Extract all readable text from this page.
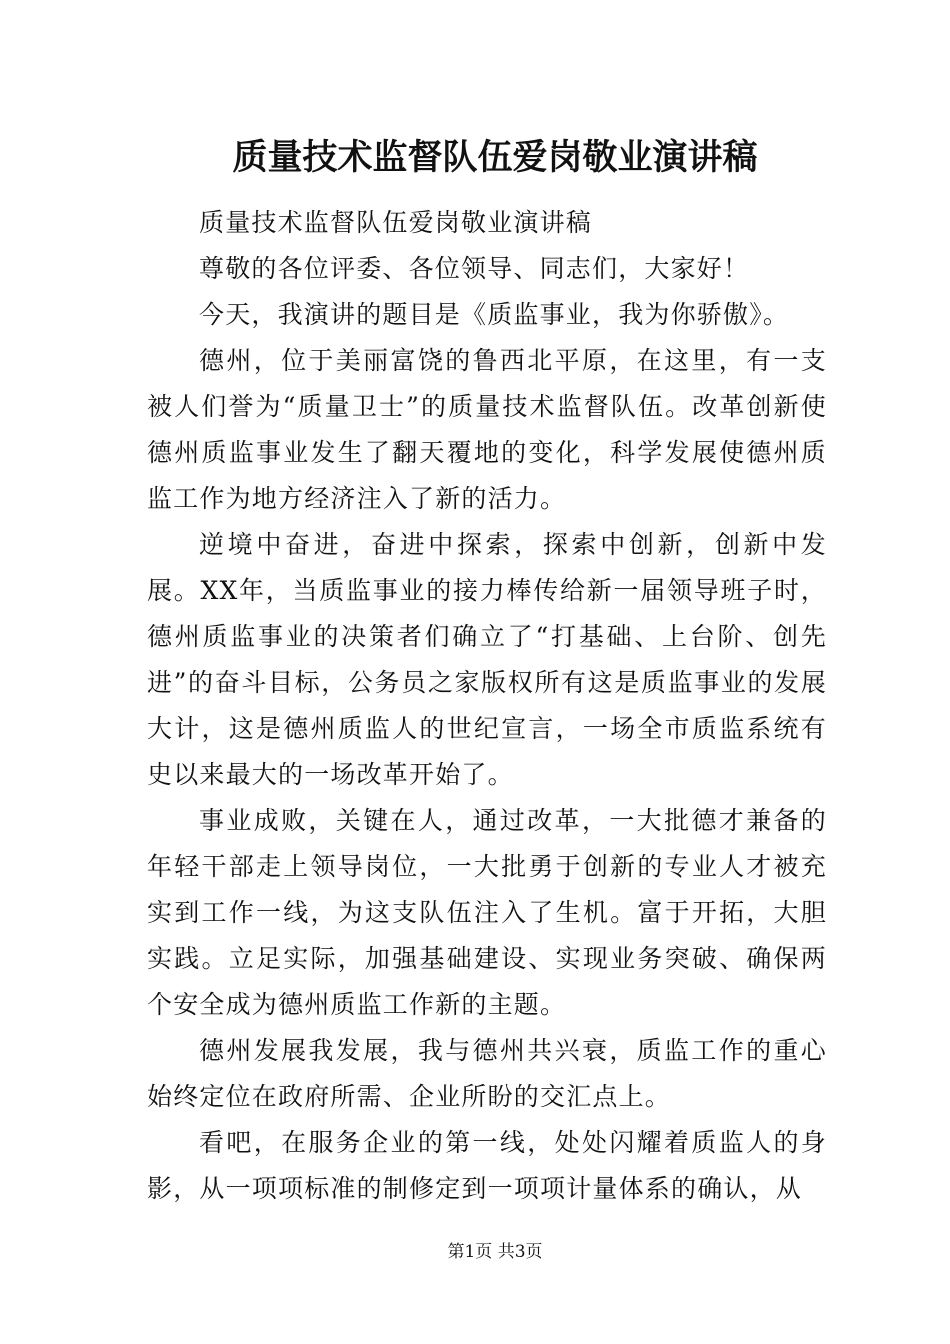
质量技术监督队伍爱岗敬业演讲稿

质量技术监督队伍爱岗敬业演讲稿

尊敬的各位评委、各位领导、同志们，大家好！

今天，我演讲的题目是《质监事业，我为你骄傲》。

德州，位于美丽富饶的鲁西北平原，在这里，有一支被人们誉为“质量卫士”的质量技术监督队伍。改革创新使德州质监事业发生了翻天覆地的变化，科学发展使德州质监工作为地方经济注入了新的活力。

逆境中奋进，奋进中探索，探索中创新，创新中发展。XX年，当质监事业的接力棒传给新一届领导班子时，德州质监事业的决策者们确立了“打基础、上台阶、创先进”的奋斗目标，公务员之家版权所有这是质监事业的发展大计，这是德州质监人的世纪宣言，一场全市质监系统有史以来最大的一场改革开始了。

事业成败，关键在人，通过改革，一大批德才兼备的年轻干部走上领导岗位，一大批勇于创新的专业人才被充实到工作一线，为这支队伍注入了生机。富于开拓，大胆实践。立足实际，加强基础建设、实现业务突破、确保两个安全成为德州质监工作新的主题。

德州发展我发展，我与德州共兴衰，质监工作的重心始终定位在政府所需、企业所盼的交汇点上。

看吧，在服务企业的第一线，处处闪耀着质监人的身影，从一项项标准的制修定到一项项计量体系的确认，从

第1页 共3页
